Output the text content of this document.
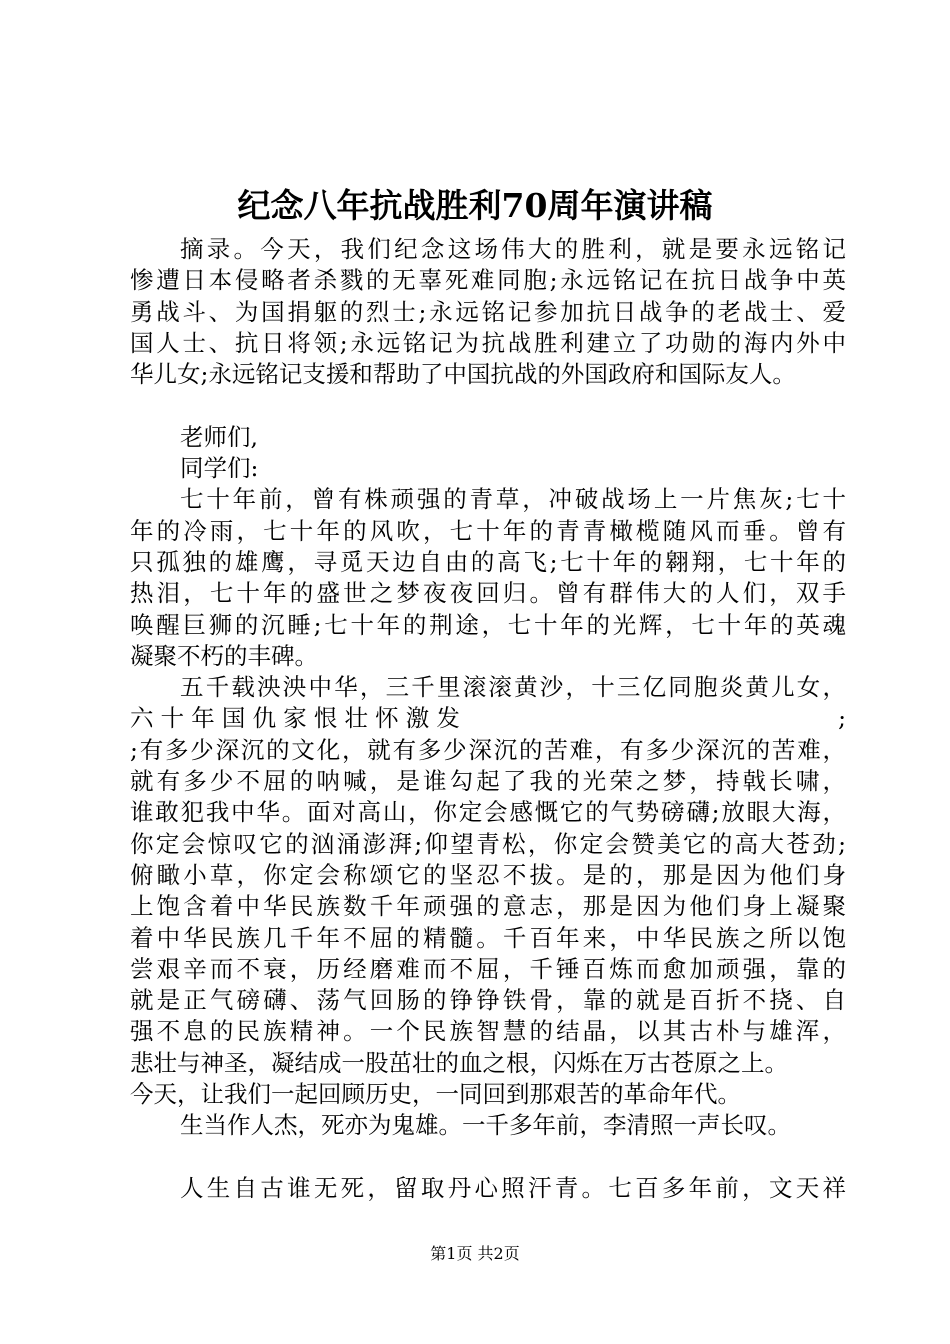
纪念八年抗战胜利70周年演讲稿
摘录。今天，我们纪念这场伟大的胜利，就是要永远铭记
惨遭日本侵略者杀戮的无辜死难同胞;永远铭记在抗日战争中英
勇战斗、为国捐躯的烈士;永远铭记参加抗日战争的老战士、爱
国人士、抗日将领;永远铭记为抗战胜利建立了功勋的海内外中
华儿女;永远铭记支援和帮助了中国抗战的外国政府和国际友人。
老师们,
同学们:
七十年前，曾有株顽强的青草，冲破战场上一片焦灰;七十
年的冷雨，七十年的风吹，七十年的青青橄榄随风而垂。曾有
只孤独的雄鹰，寻觅天边自由的高飞;七十年的翱翔，七十年的
热泪，七十年的盛世之梦夜夜回归。曾有群伟大的人们，双手
唤醒巨狮的沉睡;七十年的荆途，七十年的光辉，七十年的英魂
凝聚不朽的丰碑。
五千载泱泱中华，三千里滚滚黄沙，十三亿同胞炎黄儿女，
六 十 年 国 仇 家 恨 壮 怀 激 发	;
;有多少深沉的文化，就有多少深沉的苦难，有多少深沉的苦难，
就有多少不屈的呐喊，是谁勾起了我的光荣之梦，持戟长啸，
谁敢犯我中华。面对高山，你定会感慨它的气势磅礴;放眼大海，
你定会惊叹它的汹涌澎湃;仰望青松，你定会赞美它的高大苍劲;
俯瞰小草，你定会称颂它的坚忍不拔。是的，那是因为他们身
上饱含着中华民族数千年顽强的意志，那是因为他们身上凝聚
着中华民族几千年不屈的精髓。千百年来，中华民族之所以饱
尝艰辛而不衰，历经磨难而不屈，千锤百炼而愈加顽强，靠的
就是正气磅礴、荡气回肠的铮铮铁骨，靠的就是百折不挠、自
强不息的民族精神。一个民族智慧的结晶，以其古朴与雄浑，
悲壮与神圣，凝结成一股茁壮的血之根，闪烁在万古苍原之上。
今天，让我们一起回顾历史，一同回到那艰苦的革命年代。
生当作人杰，死亦为鬼雄。一千多年前，李清照一声长叹。
人生自古谁无死，留取丹心照汗青。七百多年前，文天祥
第1页 共2页
